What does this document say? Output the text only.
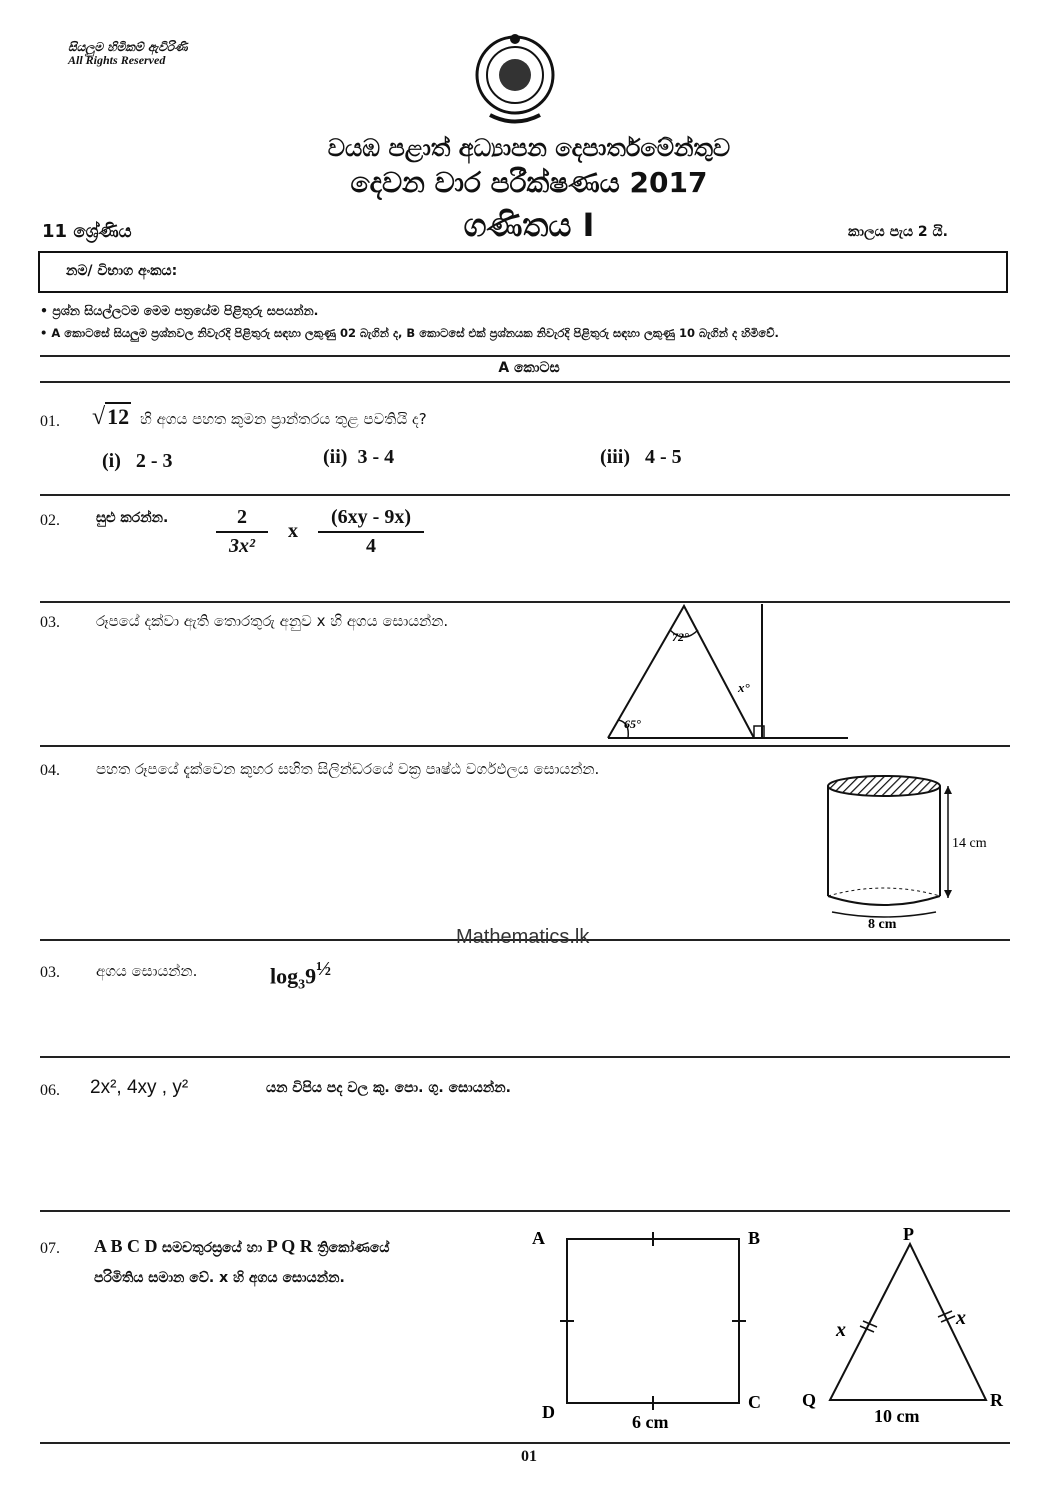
සියලුම හිමිකම් ඇවිරිණි
All Rights Reserved
වයඹ පළාත් අධ්‍යාපන දෙපාර්තමේන්තුව
දෙවන වාර පරීක්ෂණය 2017
11 ශ්‍රේණිය	ගණිතය I	කාලය පැය 2 යි.
නම/ විභාග අංකය:
• ප්‍රශ්න සියල්ලටම මෙම පත්‍රයේම පිළිතුරු සපයන්න.
• A කොටසේ සියලුම ප්‍රශ්නවල නිවැරදි පිළිතුරු සඳහා ලකුණු 02 බැගින් ද, B කොටසේ එක් ප්‍රශ්නයක නිවැරදි පිළිතුරු සඳහා ලකුණු 10 බැගින් ද හිමිවේ.
A කොටස
01. √12 හි අගය පහත කුමන ප්‍රාන්තරය තුළ පවතියි ද?
(i) 2 - 3	(ii) 3 - 4	(iii) 4 - 5
02.	සුළු කරන්න.	2
3x²
x
(6xy - 9x)
4
03. රූපයේ දක්වා ඇති තොරතුරු අනුව x හි අගය සොයන්න.
72°
65°
x°
04. පහත රූපයේ දැක්වෙන කුහර සහිත සිලින්ඩරයේ වක්‍ර පෘෂ්ඨ වර්ගඵලය සොයන්න.
14 cm
8 cm
Mathematics.lk
03. අගය සොයන්න.	$\log_39^{\frac{1}{2}}$
06. 2x², 4xy , y²	යන විපිය පද වල කු. පො. ගු. සොයන්න.
07. A B C D සමචතුරස්‍රයේ හා P Q R ත්‍රිකෝණයේ
පරිමිතිය සමාන වේ. x හි අගය සොයන්න.
A	B
C
D	6 cm
P
Q	R
x
x
10 cm
01
